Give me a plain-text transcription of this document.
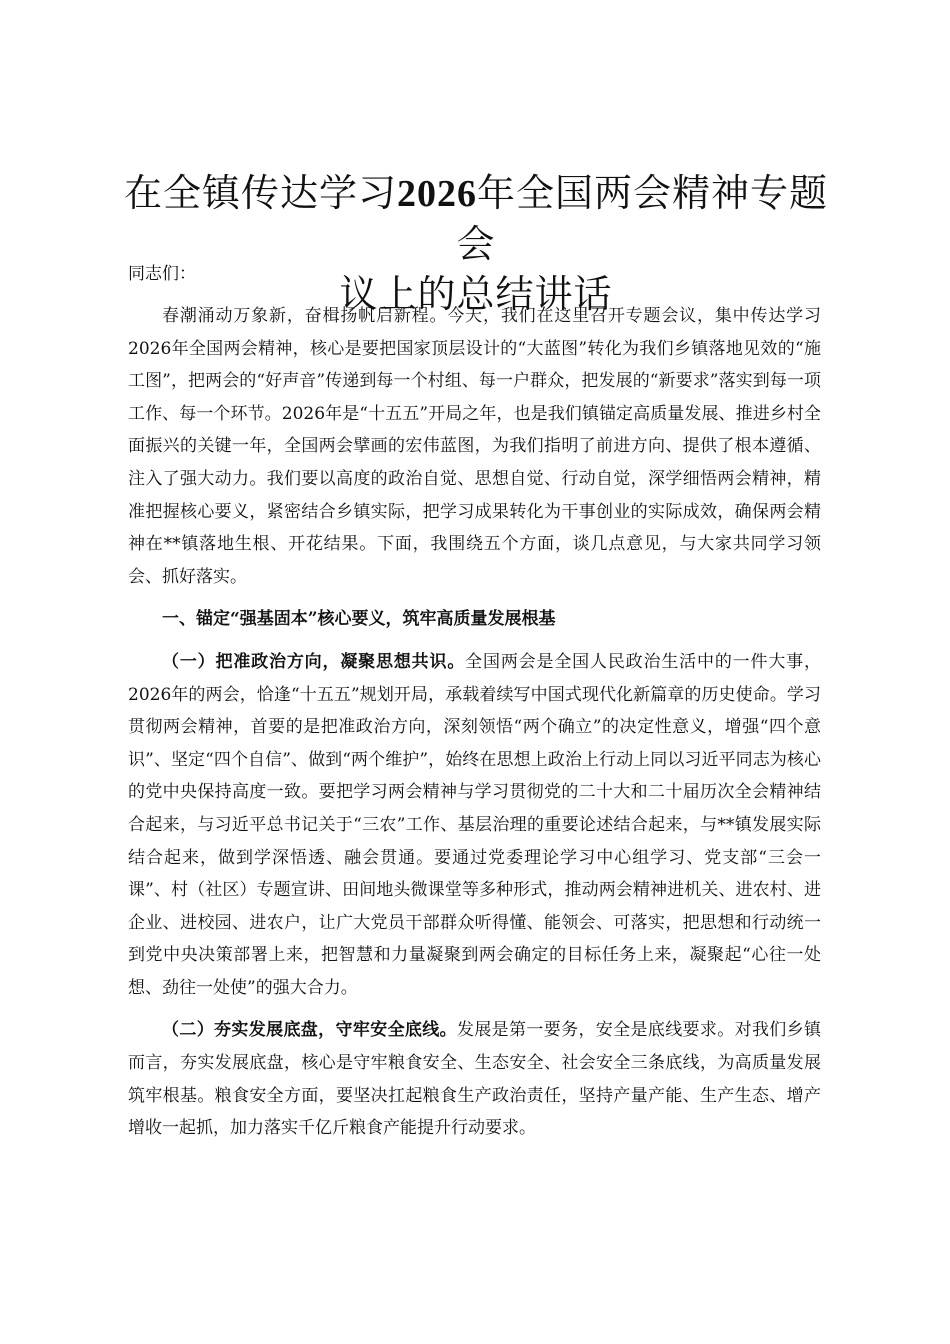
在全镇传达学习2026年全国两会精神专题会
议上的总结讲话

同志们：

春潮涌动万象新，奋楫扬帆启新程。今天，我们在这里召开专题会议，集中传达学习2026年全国两会精神，核心是要把国家顶层设计的“大蓝图”转化为我们乡镇落地见效的“施工图”，把两会的“好声音”传递到每一个村组、每一户群众，把发展的“新要求”落实到每一项工作、每一个环节。2026年是“十五五”开局之年，也是我们镇锚定高质量发展、推进乡村全面振兴的关键一年，全国两会擘画的宏伟蓝图，为我们指明了前进方向、提供了根本遵循、注入了强大动力。我们要以高度的政治自觉、思想自觉、行动自觉，深学细悟两会精神，精准把握核心要义，紧密结合乡镇实际，把学习成果转化为干事创业的实际成效，确保两会精神在**镇落地生根、开花结果。下面，我围绕五个方面，谈几点意见，与大家共同学习领会、抓好落实。

一、锚定“强基固本”核心要义，筑牢高质量发展根基

（一）把准政治方向，凝聚思想共识。全国两会是全国人民政治生活中的一件大事，2026年的两会，恰逢“十五五”规划开局，承载着续写中国式现代化新篇章的历史使命。学习贯彻两会精神，首要的是把准政治方向，深刻领悟“两个确立”的决定性意义，增强“四个意识”、坚定“四个自信”、做到“两个维护”，始终在思想上政治上行动上同以习近平同志为核心的党中央保持高度一致。要把学习两会精神与学习贯彻党的二十大和二十届历次全会精神结合起来，与习近平总书记关于“三农”工作、基层治理的重要论述结合起来，与**镇发展实际结合起来，做到学深悟透、融会贯通。要通过党委理论学习中心组学习、党支部“三会一课”、村（社区）专题宣讲、田间地头微课堂等多种形式，推动两会精神进机关、进农村、进企业、进校园、进农户，让广大党员干部群众听得懂、能领会、可落实，把思想和行动统一到党中央决策部署上来，把智慧和力量凝聚到两会确定的目标任务上来，凝聚起“心往一处想、劲往一处使”的强大合力。

（二）夯实发展底盘，守牢安全底线。发展是第一要务，安全是底线要求。对我们乡镇而言，夯实发展底盘，核心是守牢粮食安全、生态安全、社会安全三条底线，为高质量发展筑牢根基。粮食安全方面，要坚决扛起粮食生产政治责任，坚持产量产能、生产生态、增产增收一起抓，加力落实千亿斤粮食产能提升行动要求。
